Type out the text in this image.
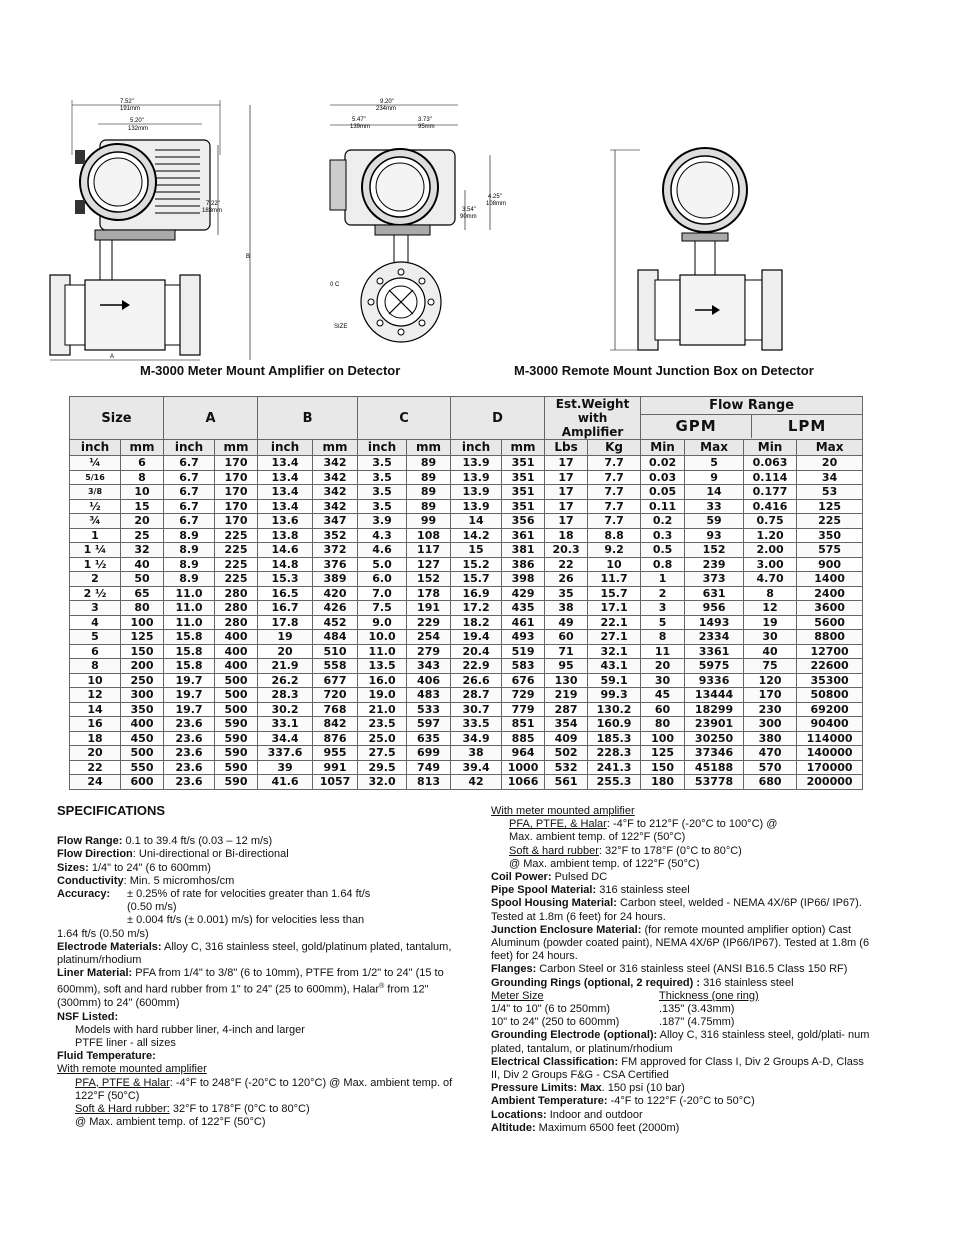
7.52"
191mm
5.20"
132mm
7.22"
183mm
B
A
9.20"
234mm
5.47"
139mm
3.73"
95mm
4.25"
108mm
3.54"
90mm
0 C
SIZE
M-3000 Meter Mount Amplifier on Detector	M-3000 Remote Mount Junction Box on Detector
Size		A		B		C		D		Est.Weight with Amplifier		Flow Range
GPM LPM			

inch	mm	inch	mm	inch	mm	inch	mm	inch	mm	Lbs	Kg	Min	Max	Min	Max
¼	6	6.7	170	13.4	342	3.5	89	13.9	351	17	7.7	0.02	5	0.063	20
5/16	8	6.7	170	13.4	342	3.5	89	13.9	351	17	7.7	0.03	9	0.114	34
3/8	10	6.7	170	13.4	342	3.5	89	13.9	351	17	7.7	0.05	14	0.177	53
½	15	6.7	170	13.4	342	3.5	89	13.9	351	17	7.7	0.11	33	0.416	125
¾	20	6.7	170	13.6	347	3.9	99	14	356	17	7.7	0.2	59	0.75	225
1	25	8.9	225	13.8	352	4.3	108	14.2	361	18	8.8	0.3	93	1.20	350
1 ¼	32	8.9	225	14.6	372	4.6	117	15	381	20.3	9.2	0.5	152	2.00	575
1 ½	40	8.9	225	14.8	376	5.0	127	15.2	386	22	10	0.8	239	3.00	900
2	50	8.9	225	15.3	389	6.0	152	15.7	398	26	11.7	1	373	4.70	1400
2 ½	65	11.0	280	16.5	420	7.0	178	16.9	429	35	15.7	2	631	8	2400
3	80	11.0	280	16.7	426	7.5	191	17.2	435	38	17.1	3	956	12	3600
4	100	11.0	280	17.8	452	9.0	229	18.2	461	49	22.1	5	1493	19	5600
5	125	15.8	400	19	484	10.0	254	19.4	493	60	27.1	8	2334	30	8800
6	150	15.8	400	20	510	11.0	279	20.4	519	71	32.1	11	3361	40	12700
8	200	15.8	400	21.9	558	13.5	343	22.9	583	95	43.1	20	5975	75	22600
10	250	19.7	500	26.2	677	16.0	406	26.6	676	130	59.1	30	9336	120	35300
12	300	19.7	500	28.3	720	19.0	483	28.7	729	219	99.3	45	13444	170	50800
14	350	19.7	500	30.2	768	21.0	533	30.7	779	287	130.2	60	18299	230	69200
16	400	23.6	590	33.1	842	23.5	597	33.5	851	354	160.9	80	23901	300	90400
18	450	23.6	590	34.4	876	25.0	635	34.9	885	409	185.3	100	30250	380	114000
20	500	23.6	590	337.6	955	27.5	699	38	964	502	228.3	125	37346	470	140000
22	550	23.6	590	39	991	29.5	749	39.4	1000	532	241.3	150	45188	570	170000
24	600	23.6	590	41.6	1057	32.0	813	42	1066	561	255.3	180	53778	680	200000

SPECIFICATIONS

Flow Range: 0.1 to 39.4 ft/s (0.03 – 12 m/s)

Flow Direction: Uni-directional or Bi-directional

Sizes: 1/4" to 24" (6 to 600mm)

Conductivity: Min. 5 micromhos/cm

Accuracy: ± 0.25% of rate for velocities greater than 1.64 ft/s

(0.50 m/s)

± 0.004 ft/s (± 0.001) m/s) for velocities less than

1.64 ft/s (0.50 m/s)

Electrode Materials: Alloy C, 316 stainless steel, gold/platinum plated, tantalum, platinum/rhodium

Liner Material: PFA from 1/4" to 3/8" (6 to 10mm), PTFE from 1/2" to 24" (15 to 600mm), soft and hard rubber from 1" to 24" (25 to 600mm), Halar® from 12" (300mm) to 24" (600mm)

NSF Listed:

Models with hard rubber liner, 4-inch and larger

PTFE liner - all sizes

Fluid Temperature:

With remote mounted amplifier

PFA, PTFE & Halar: -4°F to 248°F (-20°C to 120°C) @ Max. ambient temp. of 122°F (50°C)

Soft & Hard rubber: 32°F to 178°F (0°C to 80°C)

@ Max. ambient temp. of 122°F (50°C)

With meter mounted amplifier

PFA, PTFE, & Halar: -4°F to 212°F (-20°C to 100°C) @

Max. ambient temp. of 122°F (50°C)

Soft & hard rubber: 32°F to 178°F (0°C to 80°C)

@ Max. ambient temp. of 122°F (50°C)

Coil Power: Pulsed DC

Pipe Spool Material: 316 stainless steel

Spool Housing Material: Carbon steel, welded - NEMA 4X/6P (IP66/ IP67). Tested at 1.8m (6 feet) for 24 hours.

Junction Enclosure Material: (for remote mounted amplifier option) Cast Aluminum (powder coated paint), NEMA 4X/6P (IP66/IP67). Tested at 1.8m (6 feet) for 24 hours.

Flanges: Carbon Steel or 316 stainless steel (ANSI B16.5 Class 150 RF)

Grounding Rings (optional, 2 required) : 316 stainless steel

Meter Size	Thickness (one ring)

1/4" to 10" (6 to 250mm)	.135" (3.43mm)

10" to 24" (250 to 600mm)	.187" (4.75mm)

Grounding Electrode (optional): Alloy C, 316 stainless steel, gold/plati- num plated, tantalum, or platinum/rhodium

Electrical Classification: FM approved for Class I, Div 2 Groups A-D, Class II, Div 2 Groups F&G - CSA Certified

Pressure Limits: Max. 150 psi (10 bar)

Ambient Temperature: -4°F to 122°F (-20°C to 50°C)

Locations: Indoor and outdoor

Altitude: Maximum 6500 feet (2000m)
